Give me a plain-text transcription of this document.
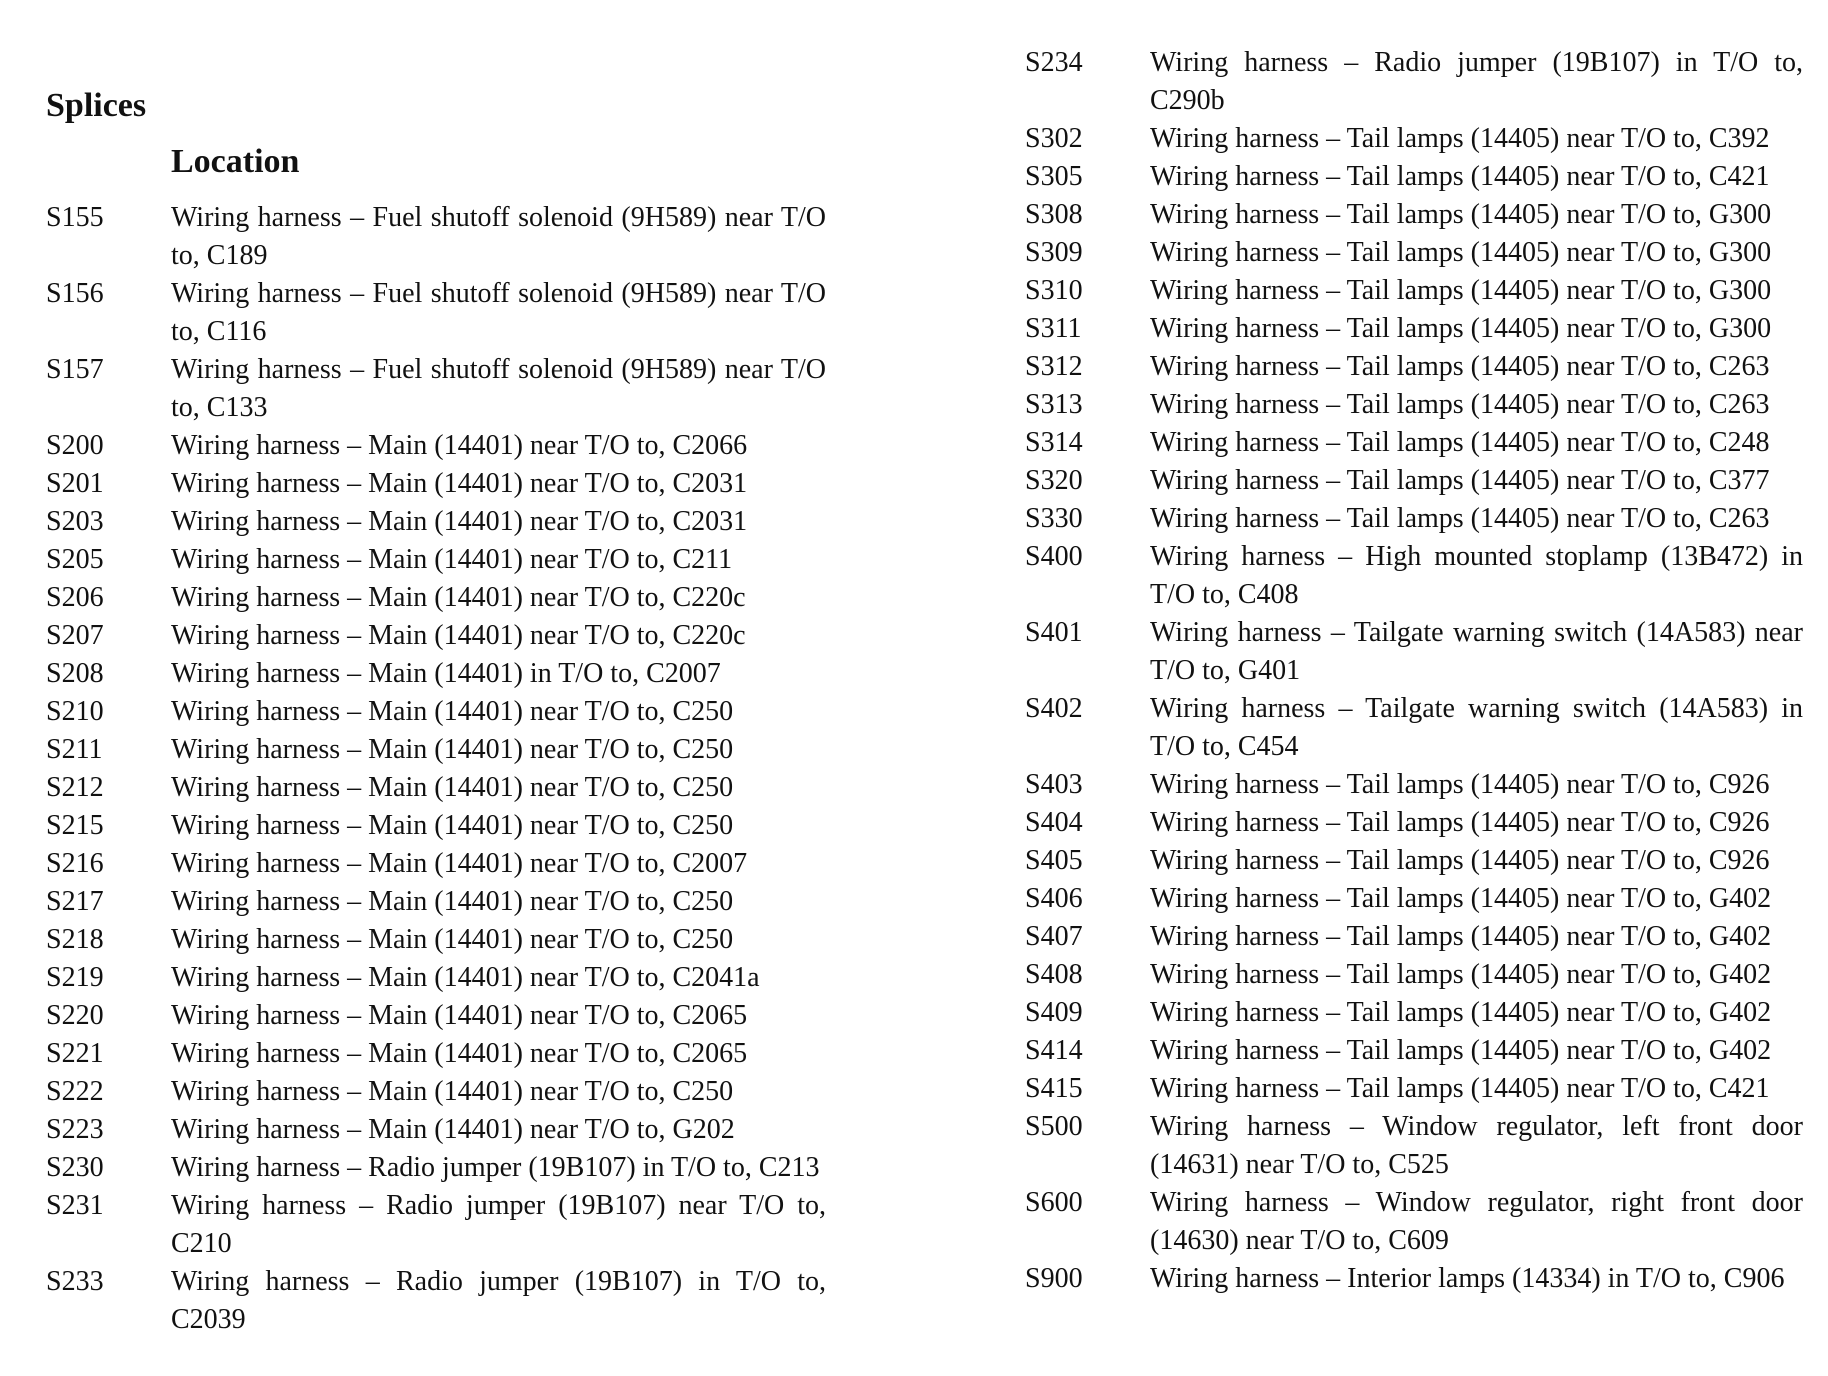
Splices
Location
S155	Wiring harness – Fuel shutoff solenoid (9H589) near T/O to, C189
S156	Wiring harness – Fuel shutoff solenoid (9H589) near T/O to, C116
S157	Wiring harness – Fuel shutoff solenoid (9H589) near T/O to, C133
S200	Wiring harness – Main (14401) near T/O to, C2066
S201	Wiring harness – Main (14401) near T/O to, C2031
S203	Wiring harness – Main (14401) near T/O to, C2031
S205	Wiring harness – Main (14401) near T/O to, C211
S206	Wiring harness – Main (14401) near T/O to, C220c
S207	Wiring harness – Main (14401) near T/O to, C220c
S208	Wiring harness – Main (14401) in T/O to, C2007
S210	Wiring harness – Main (14401) near T/O to, C250
S211	Wiring harness – Main (14401) near T/O to, C250
S212	Wiring harness – Main (14401) near T/O to, C250
S215	Wiring harness – Main (14401) near T/O to, C250
S216	Wiring harness – Main (14401) near T/O to, C2007
S217	Wiring harness – Main (14401) near T/O to, C250
S218	Wiring harness – Main (14401) near T/O to, C250
S219	Wiring harness – Main (14401) near T/O to, C2041a
S220	Wiring harness – Main (14401) near T/O to, C2065
S221	Wiring harness – Main (14401) near T/O to, C2065
S222	Wiring harness – Main (14401) near T/O to, C250
S223	Wiring harness – Main (14401) near T/O to, G202
S230	Wiring harness – Radio jumper (19B107) in T/O to, C213
S231	Wiring harness – Radio jumper (19B107) near T/O to, C210
S233	Wiring harness – Radio jumper (19B107) in T/O to, C2039
S234	Wiring harness – Radio jumper (19B107) in T/O to, C290b
S302	Wiring harness – Tail lamps (14405) near T/O to, C392
S305	Wiring harness – Tail lamps (14405) near T/O to, C421
S308	Wiring harness – Tail lamps (14405) near T/O to, G300
S309	Wiring harness – Tail lamps (14405) near T/O to, G300
S310	Wiring harness – Tail lamps (14405) near T/O to, G300
S311	Wiring harness – Tail lamps (14405) near T/O to, G300
S312	Wiring harness – Tail lamps (14405) near T/O to, C263
S313	Wiring harness – Tail lamps (14405) near T/O to, C263
S314	Wiring harness – Tail lamps (14405) near T/O to, C248
S320	Wiring harness – Tail lamps (14405) near T/O to, C377
S330	Wiring harness – Tail lamps (14405) near T/O to, C263
S400	Wiring harness – High mounted stoplamp (13B472) in T/O to, C408
S401	Wiring harness – Tailgate warning switch (14A583) near T/O to, G401
S402	Wiring harness – Tailgate warning switch (14A583) in T/O to, C454
S403	Wiring harness – Tail lamps (14405) near T/O to, C926
S404	Wiring harness – Tail lamps (14405) near T/O to, C926
S405	Wiring harness – Tail lamps (14405) near T/O to, C926
S406	Wiring harness – Tail lamps (14405) near T/O to, G402
S407	Wiring harness – Tail lamps (14405) near T/O to, G402
S408	Wiring harness – Tail lamps (14405) near T/O to, G402
S409	Wiring harness – Tail lamps (14405) near T/O to, G402
S414	Wiring harness – Tail lamps (14405) near T/O to, G402
S415	Wiring harness – Tail lamps (14405) near T/O to, C421
S500	Wiring harness – Window regulator, left front door (14631) near T/O to, C525
S600	Wiring harness – Window regulator, right front door (14630) near T/O to, C609
S900	Wiring harness – Interior lamps (14334) in T/O to, C906
